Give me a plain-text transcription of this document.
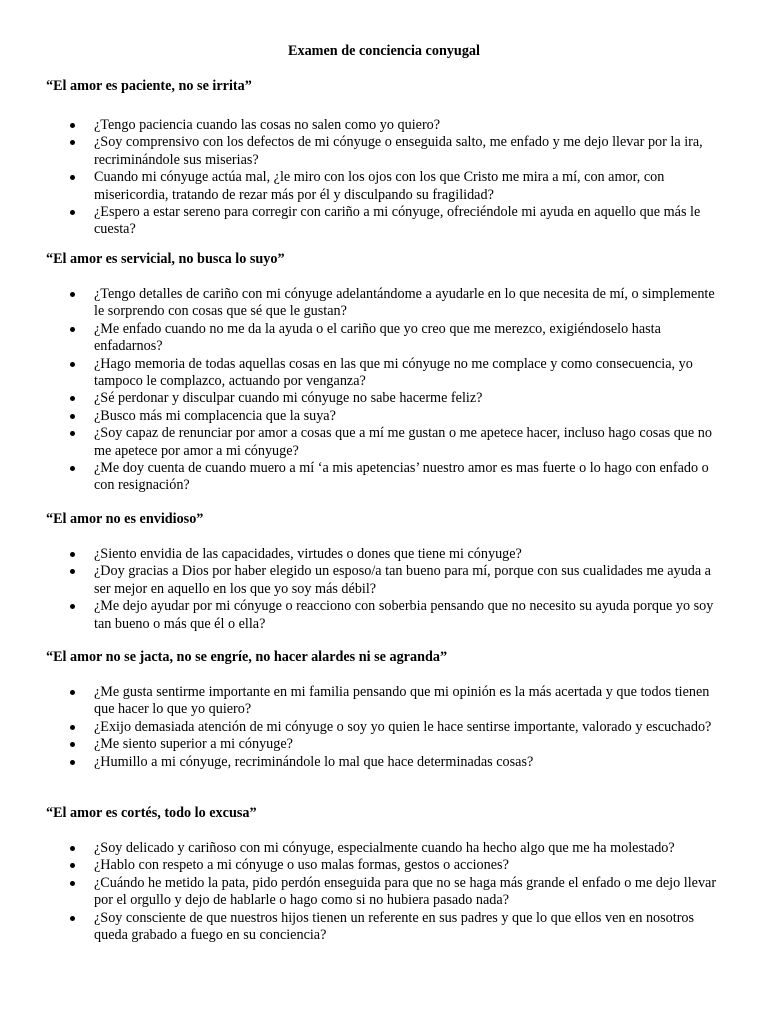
Examen de conciencia conyugal

“El amor es paciente, no se irrita”

¿Tengo paciencia cuando las cosas no salen como yo quiero?
¿Soy comprensivo con los defectos de mi cónyuge o enseguida salto, me enfado y me dejo llevar por la ira, recriminándole sus miserias?
Cuando mi cónyuge actúa mal, ¿le miro con los ojos con los que Cristo me mira a mí, con amor, con misericordia, tratando de rezar más por él y disculpando su fragilidad?
¿Espero a estar sereno para corregir con cariño a mi cónyuge, ofreciéndole mi ayuda en aquello que más le cuesta?

“El amor es servicial, no busca lo suyo”

¿Tengo detalles de cariño con mi cónyuge adelantándome a ayudarle en lo que necesita de mí, o simplemente le sorprendo con cosas que sé que le gustan?
¿Me enfado cuando no me da la ayuda o el cariño que yo creo que me merezco, exigiéndoselo hasta enfadarnos?
¿Hago memoria de todas aquellas cosas en las que mi cónyuge no me complace y como consecuencia, yo tampoco le complazco, actuando por venganza?
¿Sé perdonar y disculpar cuando mi cónyuge no sabe hacerme feliz?
¿Busco más mi complacencia que la suya?
¿Soy capaz de renunciar por amor a cosas que a mí me gustan o me apetece hacer, incluso hago cosas que no me apetece por amor a mi cónyuge?
¿Me doy cuenta de cuando muero a mí ‘a mis apetencias’ nuestro amor es mas fuerte o lo hago con enfado o con resignación?

“El amor no es envidioso”

¿Siento envidia de las capacidades, virtudes o dones que tiene mi cónyuge?
¿Doy gracias a Dios por haber elegido un esposo/a tan bueno para mí, porque con sus cualidades me ayuda a ser mejor en aquello en los que yo soy más débil?
¿Me dejo ayudar por mi cónyuge o reacciono con soberbia pensando que no necesito su ayuda porque yo soy tan bueno o más que él o ella?

“El amor no se jacta, no se engríe, no hacer alardes ni se agranda”

¿Me gusta sentirme importante en mi familia pensando que mi opinión es la más acertada y que todos tienen que hacer lo que yo quiero?
¿Exijo demasiada atención de mi cónyuge o soy yo quien le hace sentirse importante, valorado y escuchado?
¿Me siento superior a mi cónyuge?
¿Humillo a mi cónyuge, recriminándole lo mal que hace determinadas cosas?

“El amor es cortés, todo lo excusa”

¿Soy delicado y cariñoso con mi cónyuge, especialmente cuando ha hecho algo que me ha molestado?
¿Hablo con respeto a mi cónyuge o uso malas formas, gestos o acciones?
¿Cuándo he metido la pata, pido perdón enseguida para que no se haga más grande el enfado o me dejo llevar por el orgullo y dejo de hablarle o hago como si no hubiera pasado nada?
¿Soy consciente de que nuestros hijos tienen un referente en sus padres y que lo que ellos ven en nosotros queda grabado a fuego en su conciencia?
